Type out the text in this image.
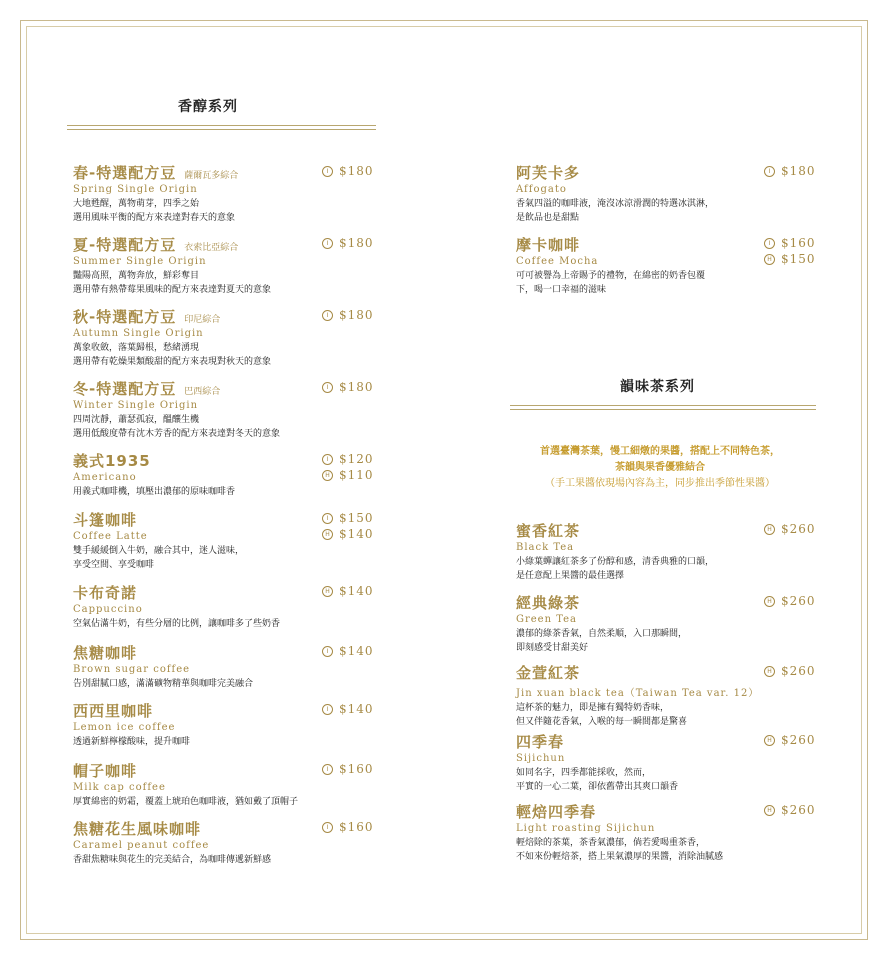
香醇系列
韻味茶系列
首選臺灣茶葉，慢工細燉的果醬，搭配上不同特色茶，
茶韻與果香優雅結合
（手工果醬依現場內容為主，同步推出季節性果醬）
春-特選配方豆 薩爾瓦多綜合
Spring Single Origin
大地甦醒，萬物萌芽，四季之始
選用風味平衡的配方來表達對春天的意象
I $180
夏-特選配方豆 衣索比亞綜合
Summer Single Origin
豔陽高照，萬物奔放，鮮彩奪目
選用帶有熱帶莓果風味的配方來表達對夏天的意象
I $180
秋-特選配方豆 印尼綜合
Autumn Single Origin
萬象收斂，落葉歸根，愁緒湧現
選用帶有乾燥果類酸甜的配方來表現對秋天的意象
I $180
冬-特選配方豆 巴西綜合
Winter Single Origin
四周沈靜，蕭瑟孤寂，醞釀生機
選用低酸度帶有沈木芳香的配方來表達對冬天的意象
I $180
義式1935
Americano
用義式咖啡機，填壓出濃郁的原味咖啡香
I $120
H $110
斗篷咖啡
Coffee Latte
雙手緩緩倒入牛奶，融合其中，迷人滋味，
享受空間、享受咖啡
I $150
H $140
卡布奇諾
Cappuccino
空氣佔滿牛奶，有些分層的比例，讓咖啡多了些奶香
H $140
焦糖咖啡
Brown sugar coffee
告別甜膩口感，滿滿礦物精華與咖啡完美融合
I $140
西西里咖啡
Lemon ice coffee
透過新鮮檸檬酸味，提升咖啡
I $140
帽子咖啡
Milk cap coffee
厚實綿密的奶霜，覆蓋上琥珀色咖啡液，猶如戴了頂帽子
I $160
焦糖花生風味咖啡
Caramel peanut coffee
香甜焦糖味與花生的完美結合，為咖啡傳遞新鮮感
I $160
阿芙卡多
Affogato
香氣四溢的咖啡液，淹沒冰涼滑潤的特選冰淇淋，
是飲品也是甜點
I $180
摩卡咖啡
Coffee Mocha
可可被譽為上帝賜予的禮物，在綿密的奶香包覆
下，喝一口幸福的滋味
I $160
H $150
蜜香紅茶
Black Tea
小綠葉蟬讓紅茶多了份醇和感，清香典雅的口韻，
是任意配上果醬的最佳選擇
H $260
經典綠茶
Green Tea
濃郁的綠茶香氣，自然柔順，入口那瞬間，
即刻感受甘甜美好
H $260
金萱紅茶
Jin xuan black tea（Taiwan Tea var. 12）
這杯茶的魅力，即是擁有獨特奶香味，
但又伴隨花香氣，入喉的每一瞬間都是驚喜
H $260
四季春
Sijichun
如同名字，四季都能採收，然而，
平實的一心二葉，卻依舊帶出其爽口韻香
H $260
輕焙四季春
Light roasting Sijichun
輕焙除的茶葉，茶香氣濃郁，倘若愛喝重茶香，
不如來份輕焙茶，搭上果氣濃厚的果醬，消除油膩感
H $260
